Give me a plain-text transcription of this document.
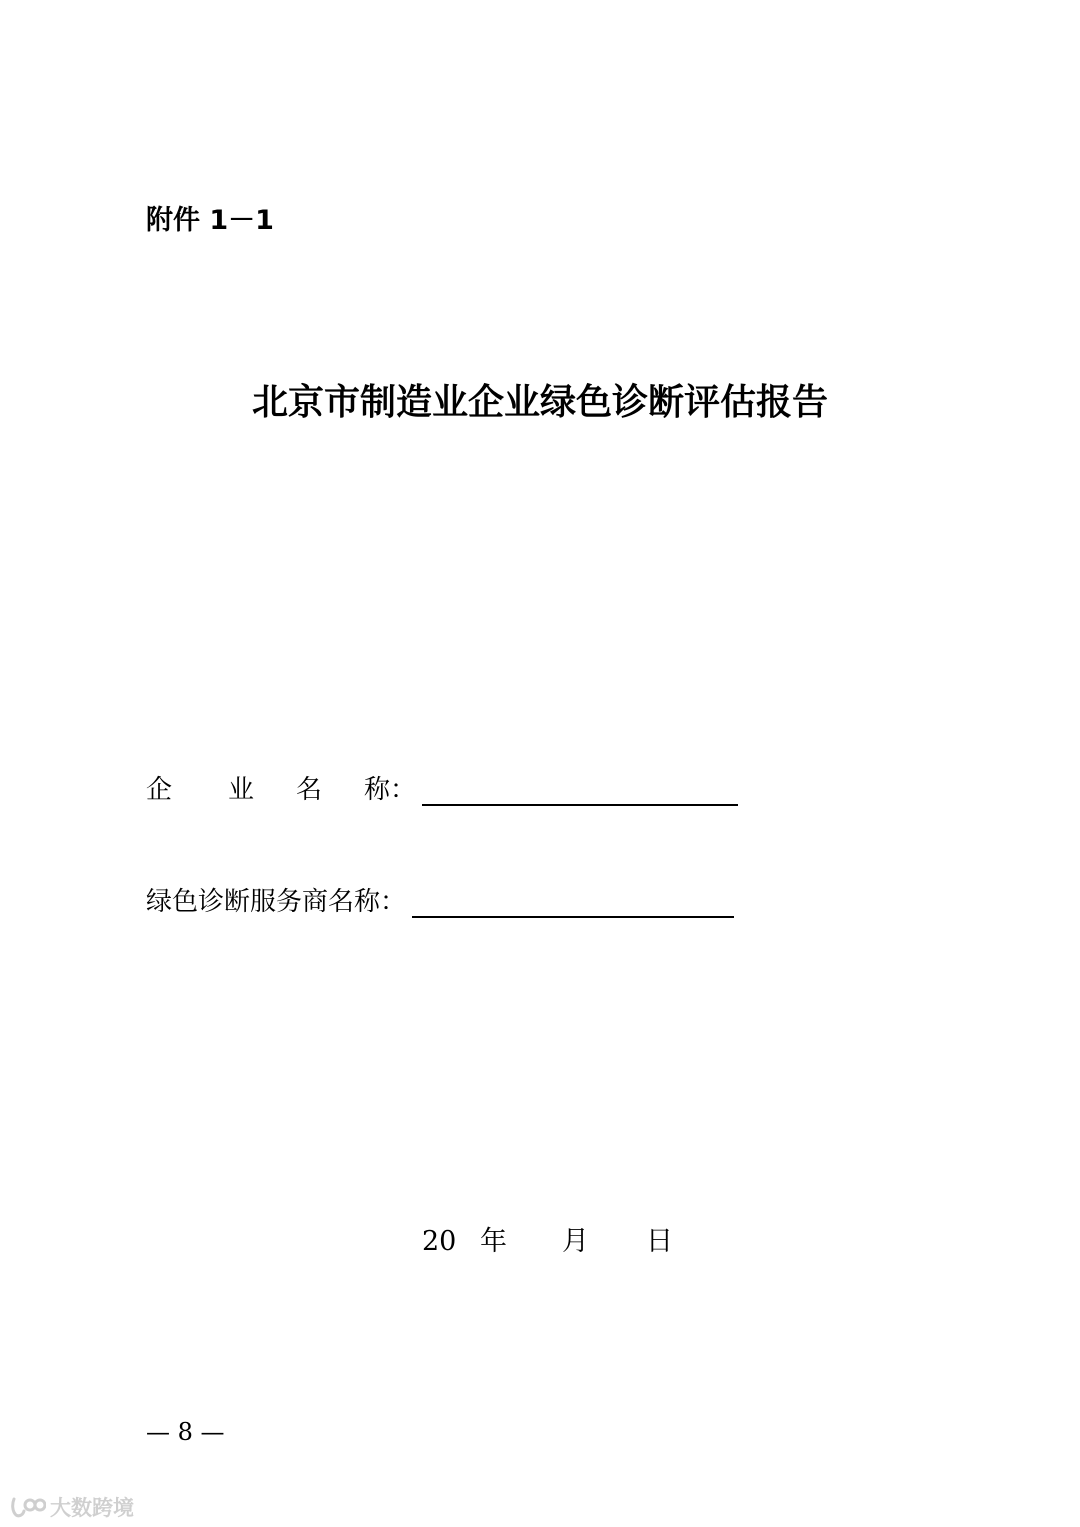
附件 1－1
北京市制造业企业绿色诊断评估报告
企 业 名 称：
绿色诊断服务商名称：
20 年	月	日
— 8 —
大数跨境
